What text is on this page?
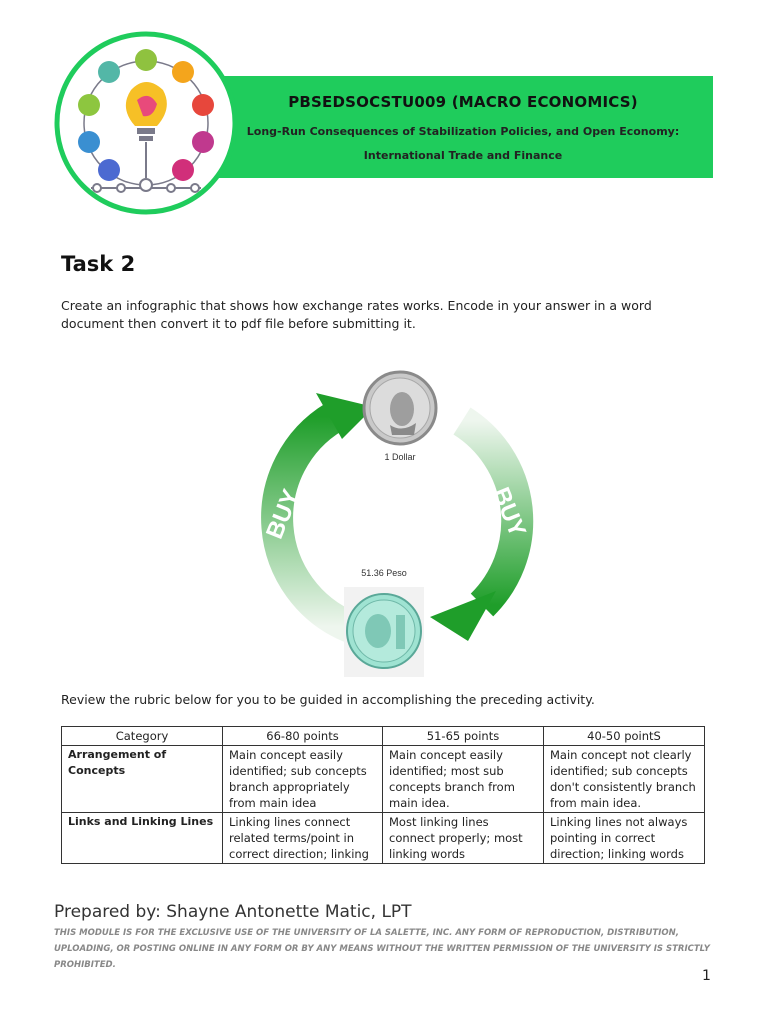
PBSEDSOCSTU009 (MACRO ECONOMICS)
Long-Run Consequences of Stabilization Policies, and Open Economy:
International Trade and Finance
Task 2
Create an infographic that shows how exchange rates works. Encode in your answer in a word document then convert it to pdf file before submitting it.
BUY	BUY
1 Dollar
51.36 Peso
Review the rubric below for you to be guided in accomplishing the preceding activity.
Category	66-80 points	51-65 points	40-50 pointS
Arrangement of Concepts	Main concept easily identified; sub concepts branch appropriately from main idea	Main concept easily identified; most sub concepts branch from main idea.	Main concept not clearly identified; sub concepts don't consistently branch from main idea.
Links and Linking Lines	Linking lines connect related terms/point in correct direction; linking	Most linking lines connect properly; most linking words	Linking lines not always pointing in correct direction; linking words
Prepared by: Shayne Antonette Matic, LPT
THIS MODULE IS FOR THE EXCLUSIVE USE OF THE UNIVERSITY OF LA SALETTE, INC. ANY FORM OF REPRODUCTION, DISTRIBUTION, UPLOADING, OR POSTING ONLINE IN ANY FORM OR BY ANY MEANS WITHOUT THE WRITTEN PERMISSION OF THE UNIVERSITY IS STRICTLY PROHIBITED.
1
